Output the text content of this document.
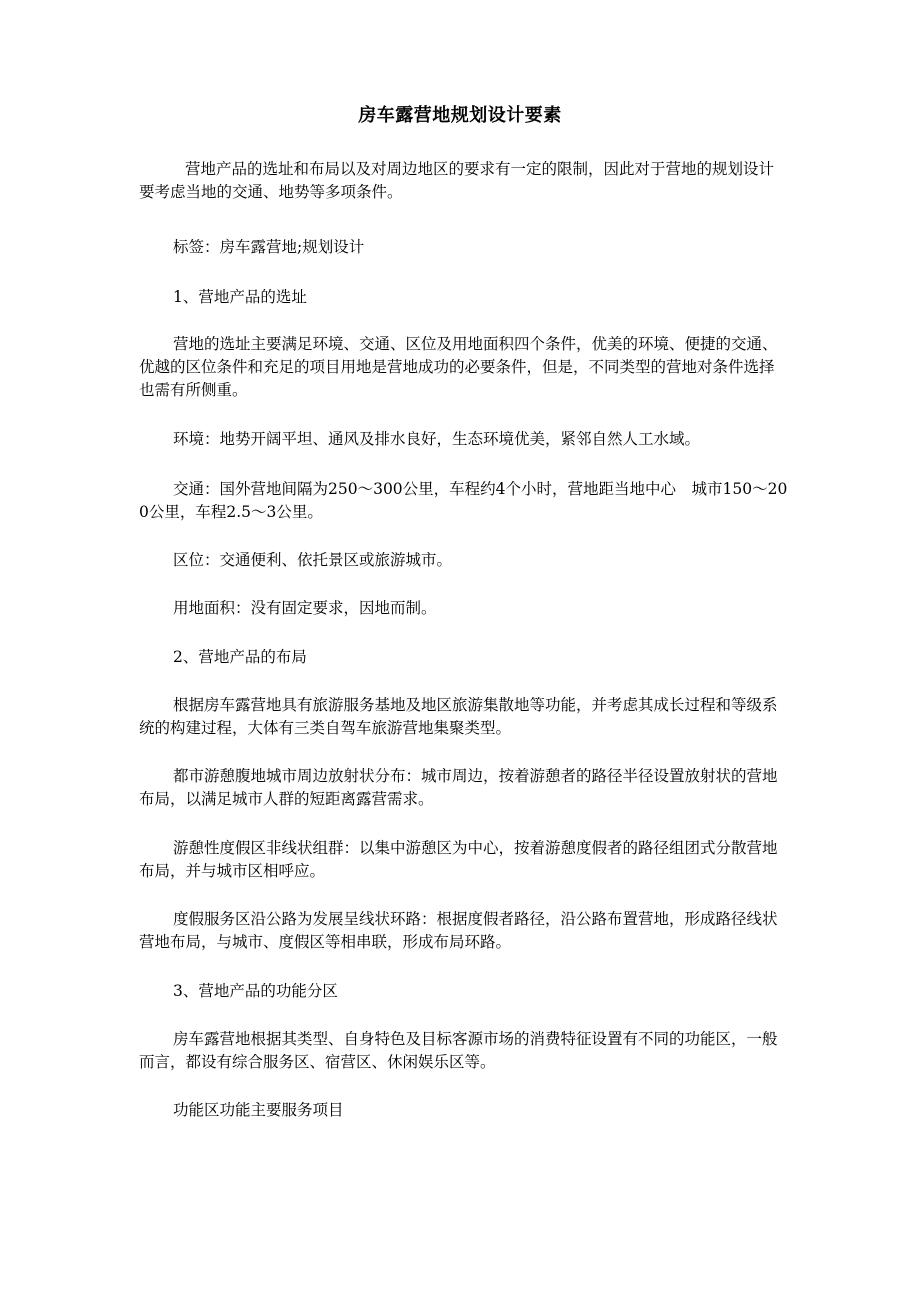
房车露营地规划设计要素

营地产品的选址和布局以及对周边地区的要求有一定的限制，因此对于营地的规划设计要考虑当地的交通、地势等多项条件。

标签：房车露营地;规划设计

1、营地产品的选址

营地的选址主要满足环境、交通、区位及用地面积四个条件，优美的环境、便捷的交通、优越的区位条件和充足的项目用地是营地成功的必要条件，但是，不同类型的营地对条件选择也需有所侧重。

环境：地势开阔平坦、通风及排水良好，生态环境优美，紧邻自然人工水域。

交通：国外营地间隔为250～300公里，车程约4个小时，营地距当地中心　城市150～200公里，车程2.5～3公里。

区位：交通便利、依托景区或旅游城市。

用地面积：没有固定要求，因地而制。

2、营地产品的布局

根据房车露营地具有旅游服务基地及地区旅游集散地等功能，并考虑其成长过程和等级系统的构建过程，大体有三类自驾车旅游营地集聚类型。

都市游憩腹地城市周边放射状分布：城市周边，按着游憩者的路径半径设置放射状的营地布局，以满足城市人群的短距离露营需求。

游憩性度假区非线状组群：以集中游憩区为中心，按着游憩度假者的路径组团式分散营地布局，并与城市区相呼应。

度假服务区沿公路为发展呈线状环路：根据度假者路径，沿公路布置营地，形成路径线状营地布局，与城市、度假区等相串联，形成布局环路。

3、营地产品的功能分区

房车露营地根据其类型、自身特色及目标客源市场的消费特征设置有不同的功能区，一般而言，都设有综合服务区、宿营区、休闲娱乐区等。

功能区功能主要服务项目
